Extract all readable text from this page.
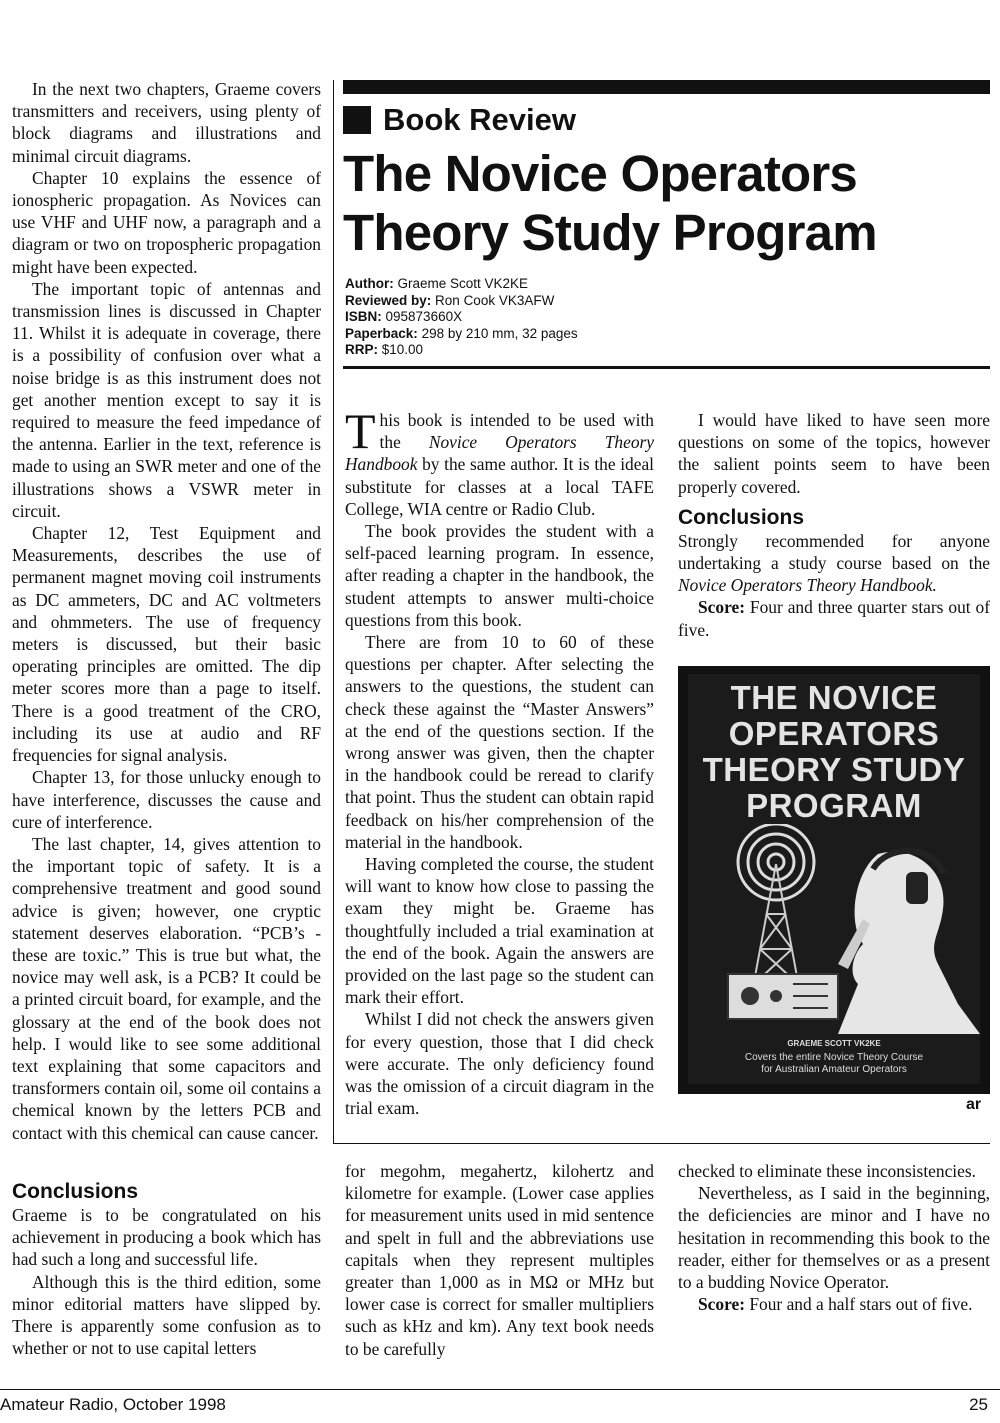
In the next two chapters, Graeme covers transmitters and receivers, using plenty of block diagrams and illustrations and minimal circuit diagrams.

Chapter 10 explains the essence of ionospheric propagation. As Novices can use VHF and UHF now, a paragraph and a diagram or two on tropospheric propagation might have been expected.

The important topic of antennas and transmission lines is discussed in Chapter 11. Whilst it is adequate in coverage, there is a possibility of confusion over what a noise bridge is as this instrument does not get another mention except to say it is required to measure the feed impedance of the antenna. Earlier in the text, reference is made to using an SWR meter and one of the illustrations shows a VSWR meter in circuit.

Chapter 12, Test Equipment and Measurements, describes the use of permanent magnet moving coil instruments as DC ammeters, DC and AC voltmeters and ohmmeters. The use of frequency meters is discussed, but their basic operating principles are omitted. The dip meter scores more than a page to itself. There is a good treatment of the CRO, including its use at audio and RF frequencies for signal analysis.

Chapter 13, for those unlucky enough to have interference, discusses the cause and cure of interference.

The last chapter, 14, gives attention to the important topic of safety. It is a comprehensive treatment and good sound advice is given; however, one cryptic statement deserves elaboration. “PCB’s - these are toxic.” This is true but what, the novice may well ask, is a PCB? It could be a printed circuit board, for example, and the glossary at the end of the book does not help. I would like to see some additional text explaining that some capacitors and transformers contain oil, some oil contains a chemical known by the letters PCB and contact with this chemical can cause cancer.

Conclusions

Graeme is to be congratulated on his achievement in producing a book which has had such a long and successful life.

Although this is the third edition, some minor editorial matters have slipped by. There is apparently some confusion as to whether or not to use capital letters

Book Review
The Novice Operators
Theory Study Program
Author: Graeme Scott VK2KE
Reviewed by: Ron Cook VK3AFW
ISBN: 095873660X
Paperback: 298 by 210 mm, 32 pages
RRP: $10.00

This book is intended to be used with the Novice Operators Theory Handbook by the same author. It is the ideal substitute for classes at a local TAFE College, WIA centre or Radio Club.

The book provides the student with a self-paced learning program. In essence, after reading a chapter in the handbook, the student attempts to answer multi-choice questions from this book.

There are from 10 to 60 of these questions per chapter. After selecting the answers to the questions, the student can check these against the “Master Answers” at the end of the questions section. If the wrong answer was given, then the chapter in the handbook could be reread to clarify that point. Thus the student can obtain rapid feedback on his/her comprehension of the material in the handbook.

Having completed the course, the student will want to know how close to passing the exam they might be. Graeme has thoughtfully included a trial examination at the end of the book. Again the answers are provided on the last page so the student can mark their effort.

Whilst I did not check the answers given for every question, those that I did check were accurate. The only deficiency found was the omission of a circuit diagram in the trial exam.

I would have liked to have seen more questions on some of the topics, however the salient points seem to have been properly covered.

Conclusions

Strongly recommended for anyone undertaking a study course based on the Novice Operators Theory Handbook.

Score: Four and three quarter stars out of five.

THE NOVICE
OPERATORS
THEORY STUDY
PROGRAM
GRAEME SCOTT VK2KE
Covers the entire Novice Theory Course
for Australian Amateur Operators
ar

for megohm, megahertz, kilohertz and kilometre for example. (Lower case applies for measurement units used in mid sentence and spelt in full and the abbreviations use capitals when they represent multiples greater than 1,000 as in MΩ or MHz but lower case is correct for smaller multipliers such as kHz and km). Any text book needs to be carefully

checked to eliminate these inconsistencies.

Nevertheless, as I said in the beginning, the deficiencies are minor and I have no hesitation in recommending this book to the reader, either for themselves or as a present to a budding Novice Operator.

Score: Four and a half stars out of five.

Amateur Radio, October 1998	25
